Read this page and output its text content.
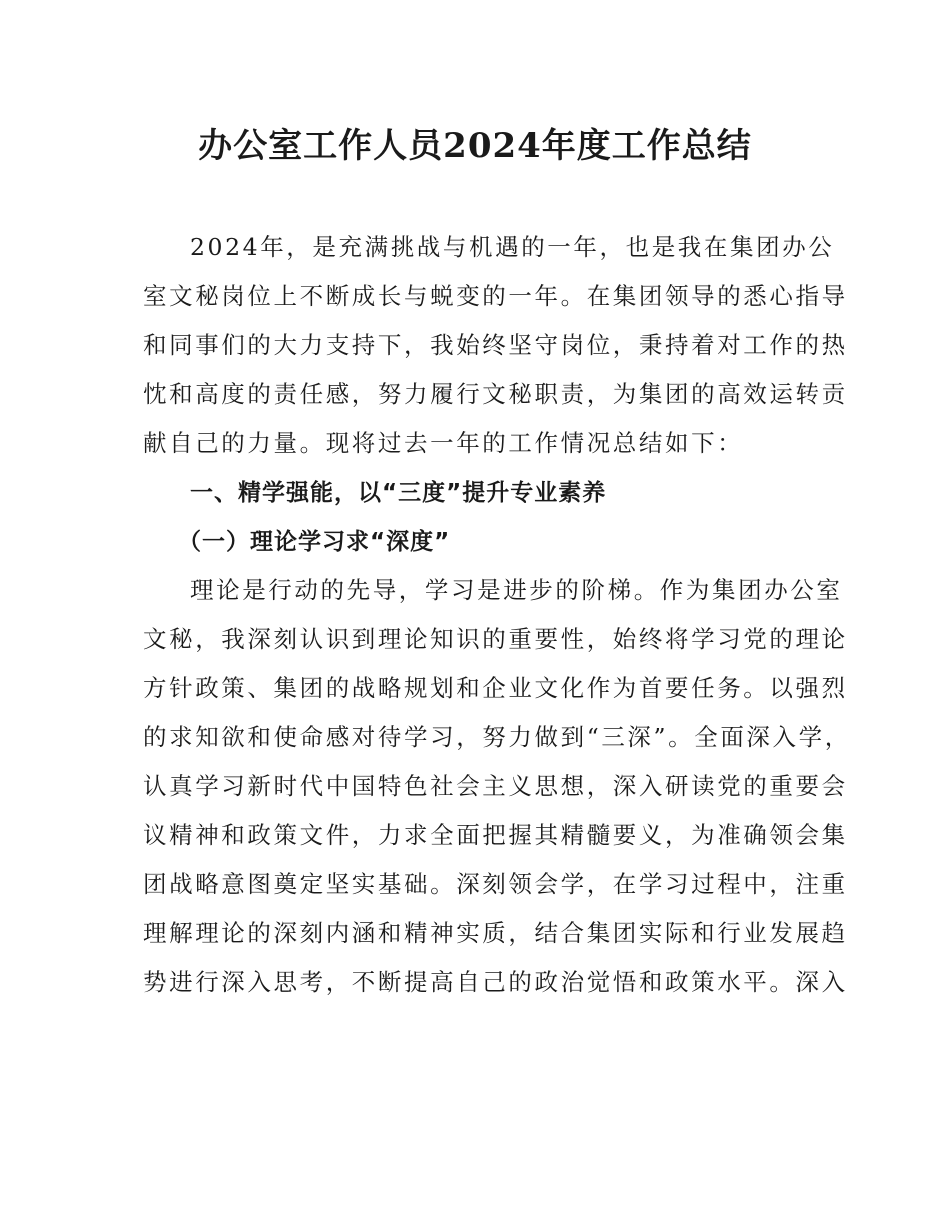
办公室工作人员2024年度工作总结
2024年，是充满挑战与机遇的一年，也是我在集团办公
室文秘岗位上不断成长与蜕变的一年。在集团领导的悉心指导
和同事们的大力支持下，我始终坚守岗位，秉持着对工作的热
忱和高度的责任感，努力履行文秘职责，为集团的高效运转贡
献自己的力量。现将过去一年的工作情况总结如下：
一、精学强能，以“三度”提升专业素养
（一）理论学习求“深度”
理论是行动的先导，学习是进步的阶梯。作为集团办公室
文秘，我深刻认识到理论知识的重要性，始终将学习党的理论
方针政策、集团的战略规划和企业文化作为首要任务。以强烈
的求知欲和使命感对待学习，努力做到“三深”。全面深入学，
认真学习新时代中国特色社会主义思想，深入研读党的重要会
议精神和政策文件，力求全面把握其精髓要义，为准确领会集
团战略意图奠定坚实基础。深刻领会学，在学习过程中，注重
理解理论的深刻内涵和精神实质，结合集团实际和行业发展趋
势进行深入思考，不断提高自己的政治觉悟和政策水平。深入
